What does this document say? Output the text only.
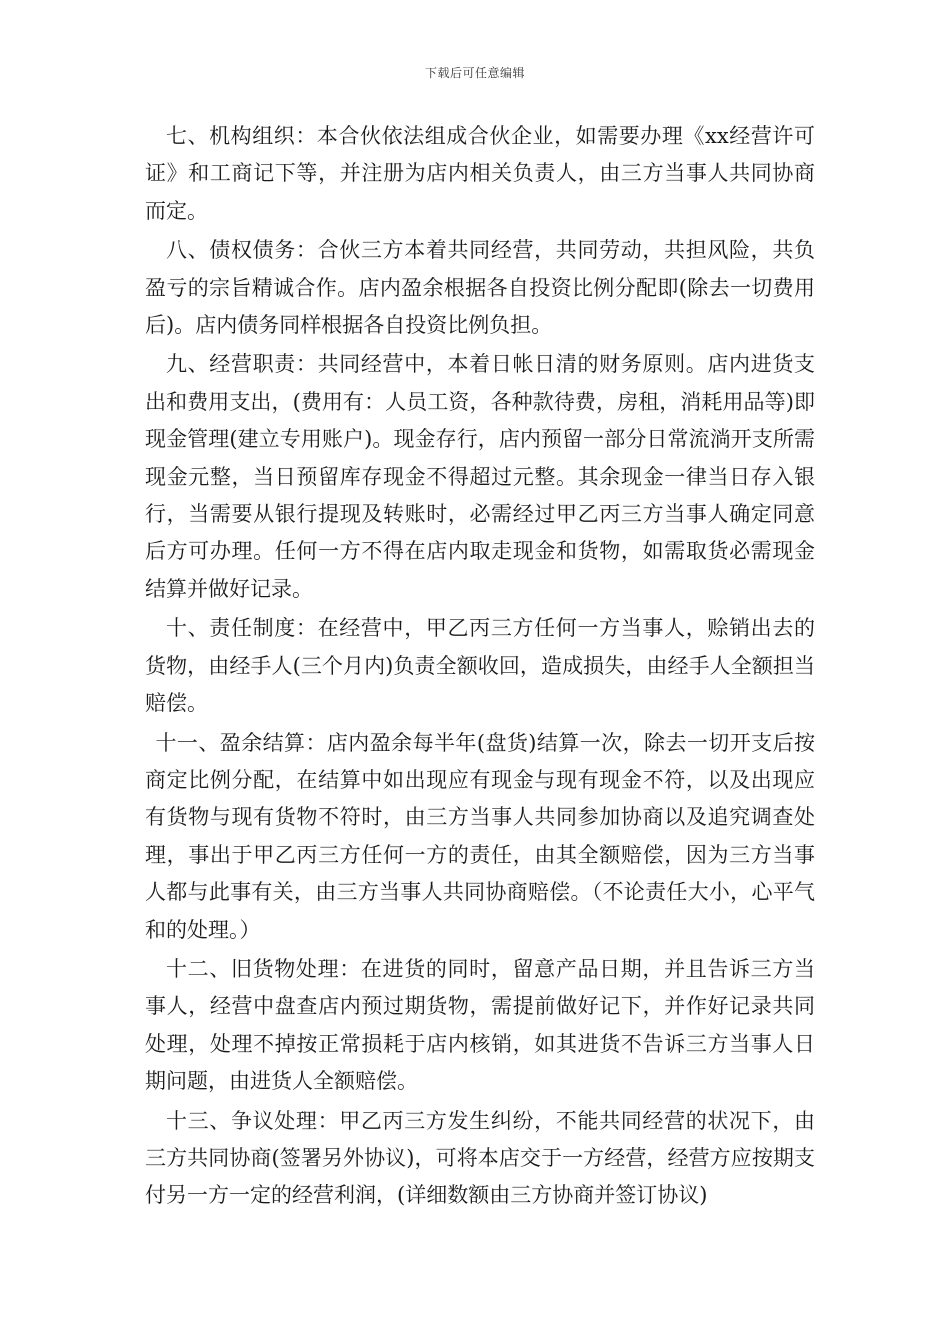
下载后可任意编辑

七、机构组织：本合伙依法组成合伙企业，如需要办理《xx经营许可证》和工商记下等，并注册为店内相关负责人，由三方当事人共同协商而定。

八、债权债务：合伙三方本着共同经营，共同劳动，共担风险，共负盈亏的宗旨精诚合作。店内盈余根据各自投资比例分配即(除去一切费用后)。店内债务同样根据各自投资比例负担。

九、经营职责：共同经营中，本着日帐日清的财务原则。店内进货支出和费用支出，(费用有：人员工资，各种款待费，房租，消耗用品等)即现金管理(建立专用账户)。现金存行，店内预留一部分日常流淌开支所需现金元整，当日预留库存现金不得超过元整。其余现金一律当日存入银行，当需要从银行提现及转账时，必需经过甲乙丙三方当事人确定同意后方可办理。任何一方不得在店内取走现金和货物，如需取货必需现金结算并做好记录。

十、责任制度：在经营中，甲乙丙三方任何一方当事人，赊销出去的货物，由经手人(三个月内)负责全额收回，造成损失，由经手人全额担当赔偿。

十一、盈余结算：店内盈余每半年(盘货)结算一次，除去一切开支后按商定比例分配，在结算中如出现应有现金与现有现金不符，以及出现应有货物与现有货物不符时，由三方当事人共同参加协商以及追究调查处理，事出于甲乙丙三方任何一方的责任，由其全额赔偿，因为三方当事人都与此事有关，由三方当事人共同协商赔偿。（不论责任大小，心平气和的处理。）

十二、旧货物处理：在进货的同时，留意产品日期，并且告诉三方当事人，经营中盘查店内预过期货物，需提前做好记下，并作好记录共同处理，处理不掉按正常损耗于店内核销，如其进货不告诉三方当事人日期问题，由进货人全额赔偿。

十三、争议处理：甲乙丙三方发生纠纷，不能共同经营的状况下，由三方共同协商(签署另外协议)，可将本店交于一方经营，经营方应按期支付另一方一定的经营利润，(详细数额由三方协商并签订协议)
